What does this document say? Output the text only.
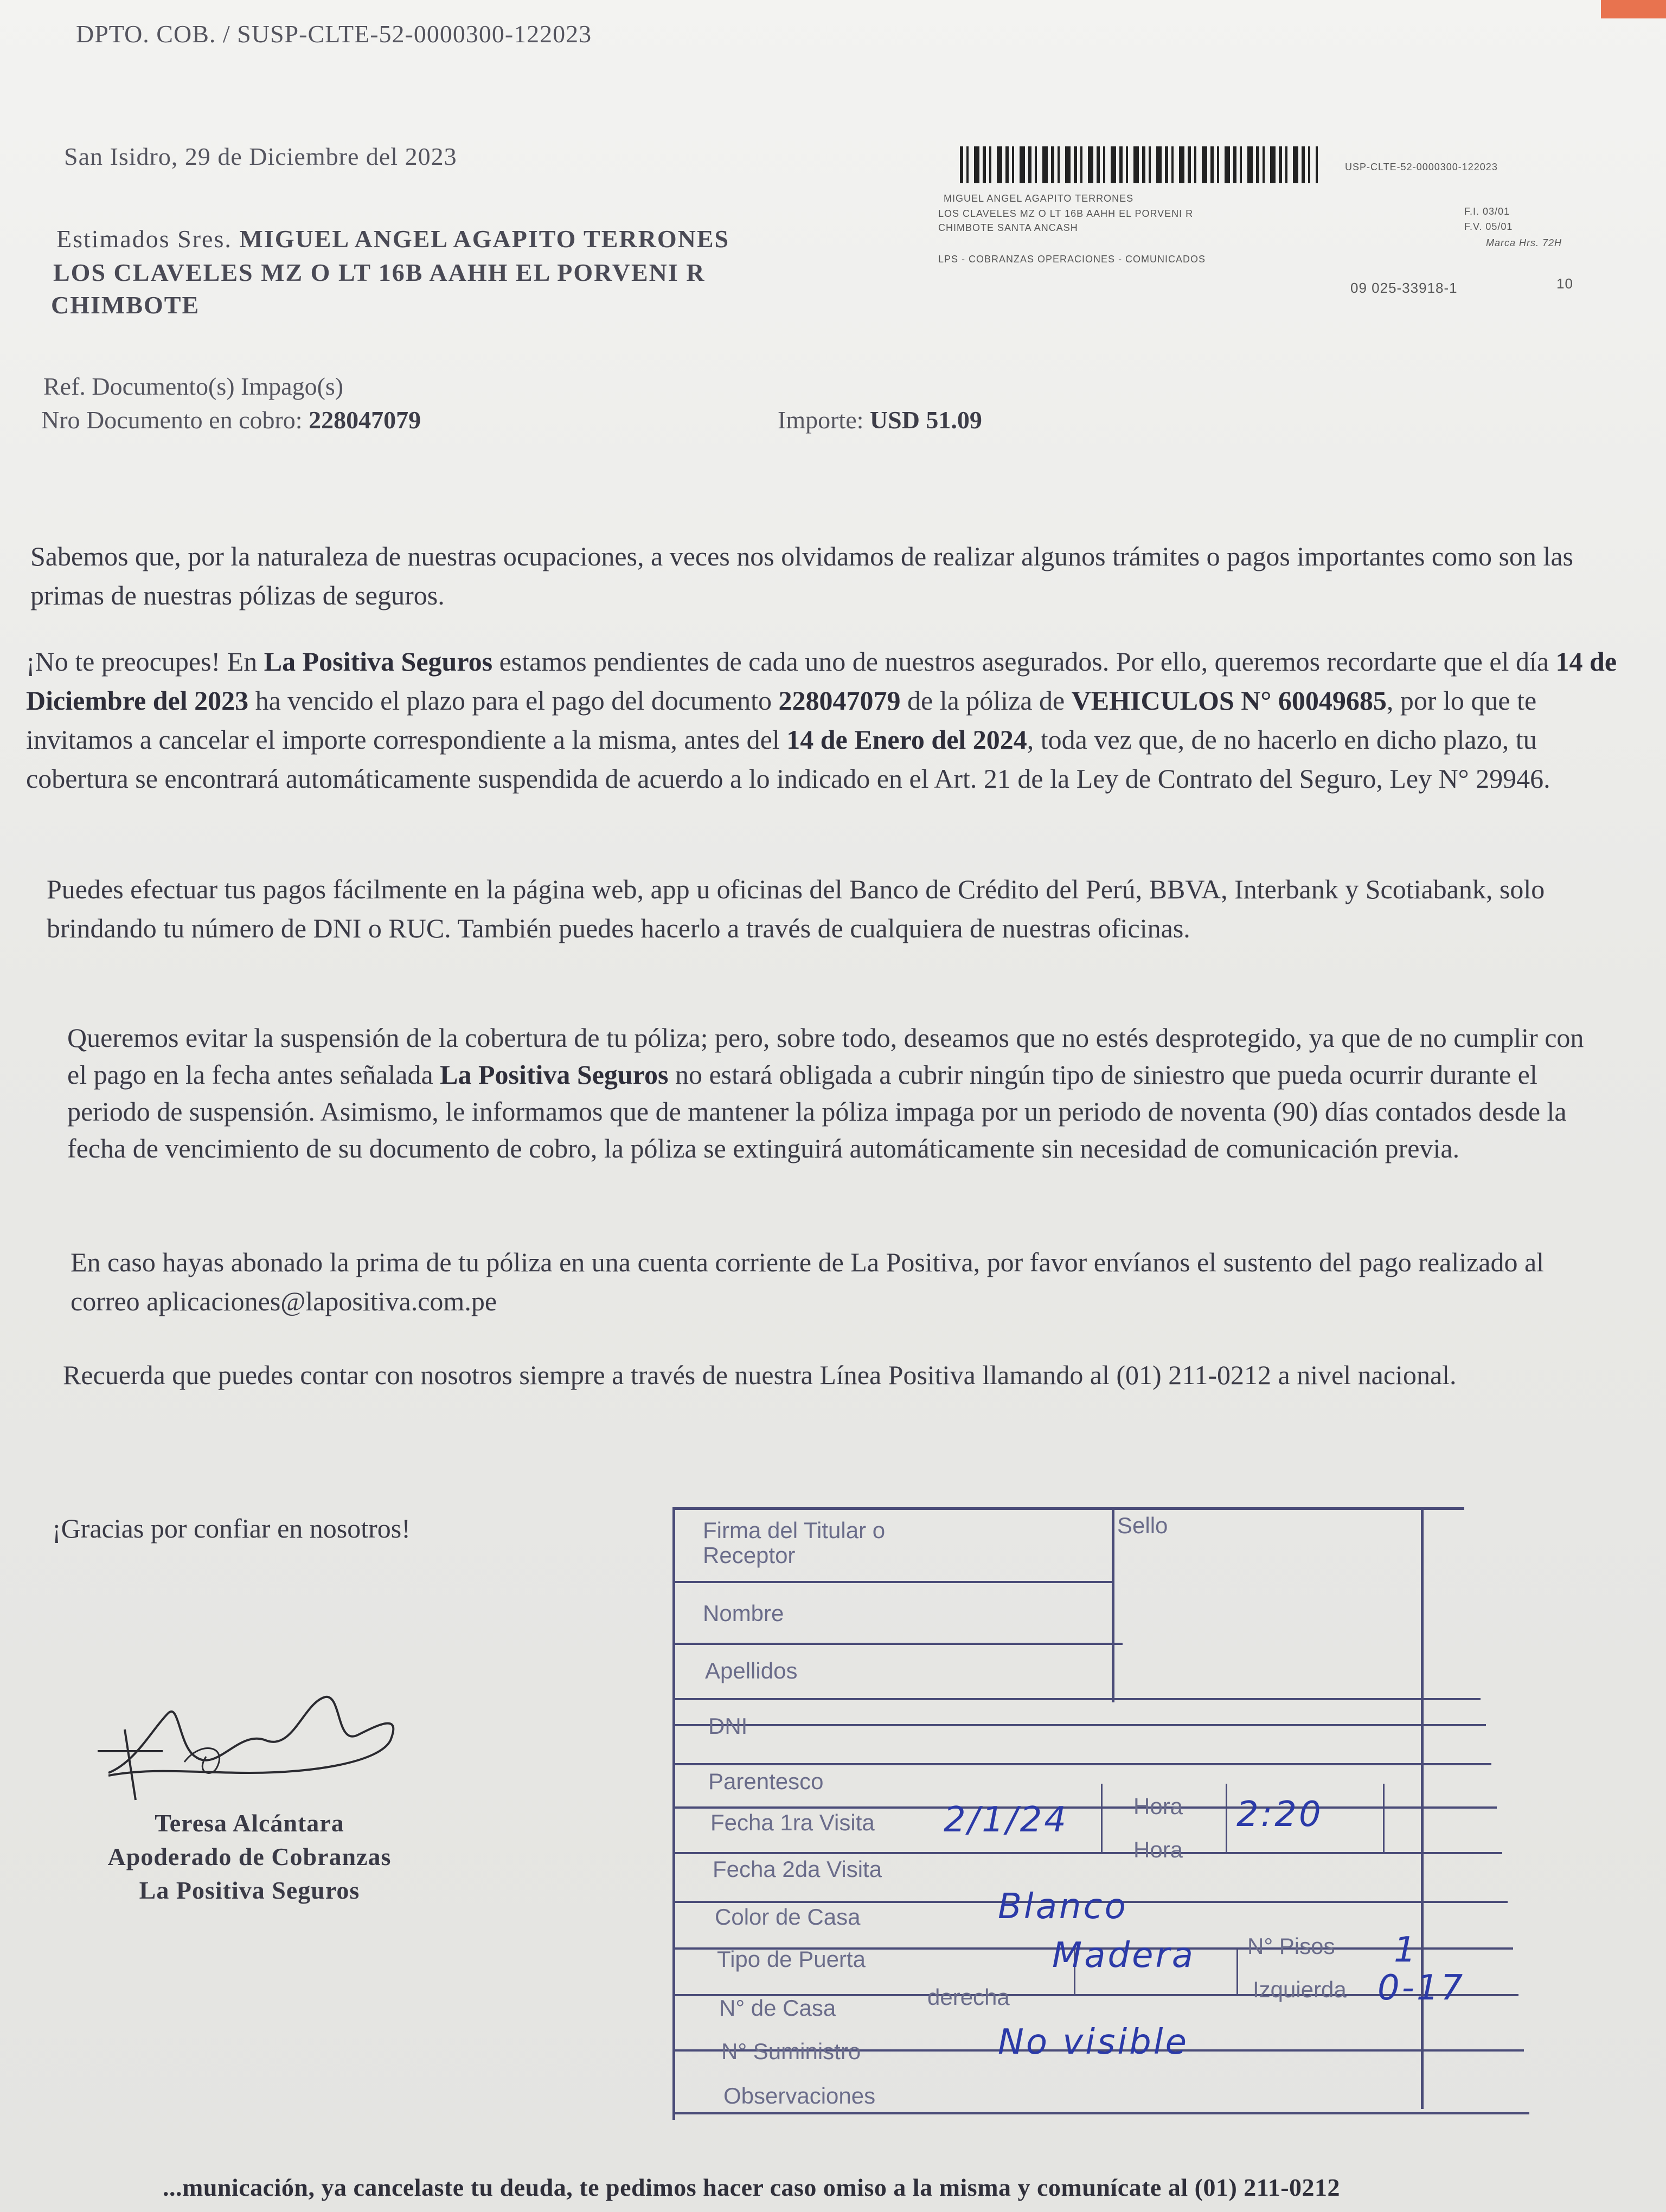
DPTO. COB. / SUSP-CLTE-52-0000300-122023
San Isidro, 29 de Diciembre del 2023
Estimados Sres. MIGUEL ANGEL AGAPITO TERRONES
LOS CLAVELES MZ O LT 16B AAHH EL PORVENI R
CHIMBOTE
USP-CLTE-52-0000300-122023
MIGUEL ANGEL AGAPITO TERRONES
LOS CLAVELES MZ O LT 16B AAHH EL PORVENI R
CHIMBOTE SANTA ANCASH
LPS - COBRANZAS OPERACIONES - COMUNICADOS
F.I. 03/01
F.V. 05/01
Marca Hrs. 72H
09 025-33918-1	10
Ref. Documento(s) Impago(s)
Nro Documento en cobro: 228047079	Importe: USD 51.09
Sabemos que, por la naturaleza de nuestras ocupaciones, a veces nos olvidamos de realizar algunos trámites o pagos importantes como son las primas de nuestras pólizas de seguros.
¡No te preocupes! En La Positiva Seguros estamos pendientes de cada uno de nuestros asegurados. Por ello, queremos recordarte que el día 14 de Diciembre del 2023 ha vencido el plazo para el pago del documento 228047079 de la póliza de VEHICULOS N° 60049685, por lo que te invitamos a cancelar el importe correspondiente a la misma, antes del 14 de Enero del 2024, toda vez que, de no hacerlo en dicho plazo, tu cobertura se encontrará automáticamente suspendida de acuerdo a lo indicado en el Art. 21 de la Ley de Contrato del Seguro, Ley N° 29946.
Puedes efectuar tus pagos fácilmente en la página web, app u oficinas del Banco de Crédito del Perú, BBVA, Interbank y Scotiabank, solo brindando tu número de DNI o RUC. También puedes hacerlo a través de cualquiera de nuestras oficinas.
Queremos evitar la suspensión de la cobertura de tu póliza; pero, sobre todo, deseamos que no estés desprotegido, ya que de no cumplir con el pago en la fecha antes señalada La Positiva Seguros no estará obligada a cubrir ningún tipo de siniestro que pueda ocurrir durante el periodo de suspensión. Asimismo, le informamos que de mantener la póliza impaga por un periodo de noventa (90) días contados desde la fecha de vencimiento de su documento de cobro, la póliza se extinguirá automáticamente sin necesidad de comunicación previa.
En caso hayas abonado la prima de tu póliza en una cuenta corriente de La Positiva, por favor envíanos el sustento del pago realizado al correo aplicaciones@lapositiva.com.pe
Recuerda que puedes contar con nosotros siempre a través de nuestra Línea Positiva llamando al (01) 211-0212 a nivel nacional.
¡Gracias por confiar en nosotros!
Teresa Alcántara
Apoderado de Cobranzas
La Positiva Seguros
Firma del Titular o Receptor
Sello
Nombre
Apellidos
DNI
Parentesco
Fecha 1ra Visita 2/1/24	Hora 2:20
Fecha 2da Visita
Hora
Color de Casa	Blanco
Tipo de Puerta	Madera N° Pisos 1
N° de Casa	derecha	Izquierda 0-17
N° Suministro	No visible
Observaciones
...municación, ya cancelaste tu deuda, te pedimos hacer caso omiso a la misma y comunícate al (01) 211-0212
